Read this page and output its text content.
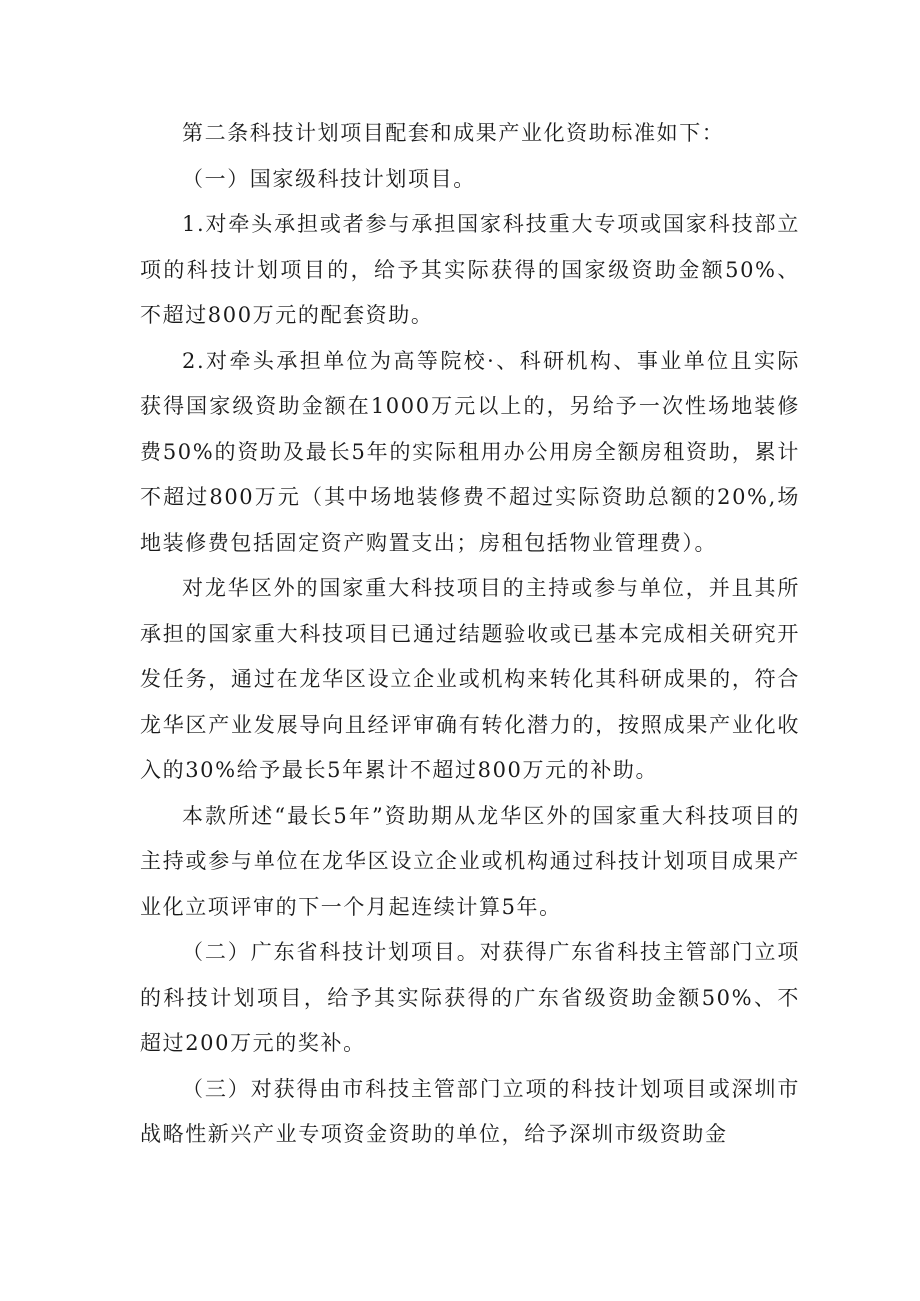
第二条科技计划项目配套和成果产业化资助标准如下：

（一）国家级科技计划项目。

1.对牵头承担或者参与承担国家科技重大专项或国家科技部立项的科技计划项目的，给予其实际获得的国家级资助金额50%、不超过800万元的配套资助。

2.对牵头承担单位为高等院校·、科研机构、事业单位且实际获得国家级资助金额在1000万元以上的，另给予一次性场地装修费50%的资助及最长5年的实际租用办公用房全额房租资助，累计不超过800万元（其中场地装修费不超过实际资助总额的20%,场地装修费包括固定资产购置支出；房租包括物业管理费）。

对龙华区外的国家重大科技项目的主持或参与单位，并且其所承担的国家重大科技项目已通过结题验收或已基本完成相关研究开发任务，通过在龙华区设立企业或机构来转化其科研成果的，符合龙华区产业发展导向且经评审确有转化潜力的，按照成果产业化收入的30%给予最长5年累计不超过800万元的补助。

本款所述“最长5年”资助期从龙华区外的国家重大科技项目的主持或参与单位在龙华区设立企业或机构通过科技计划项目成果产业化立项评审的下一个月起连续计算5年。

（二）广东省科技计划项目。对获得广东省科技主管部门立项的科技计划项目，给予其实际获得的广东省级资助金额50%、不超过200万元的奖补。

（三）对获得由市科技主管部门立项的科技计划项目或深圳市战略性新兴产业专项资金资助的单位，给予深圳市级资助金
